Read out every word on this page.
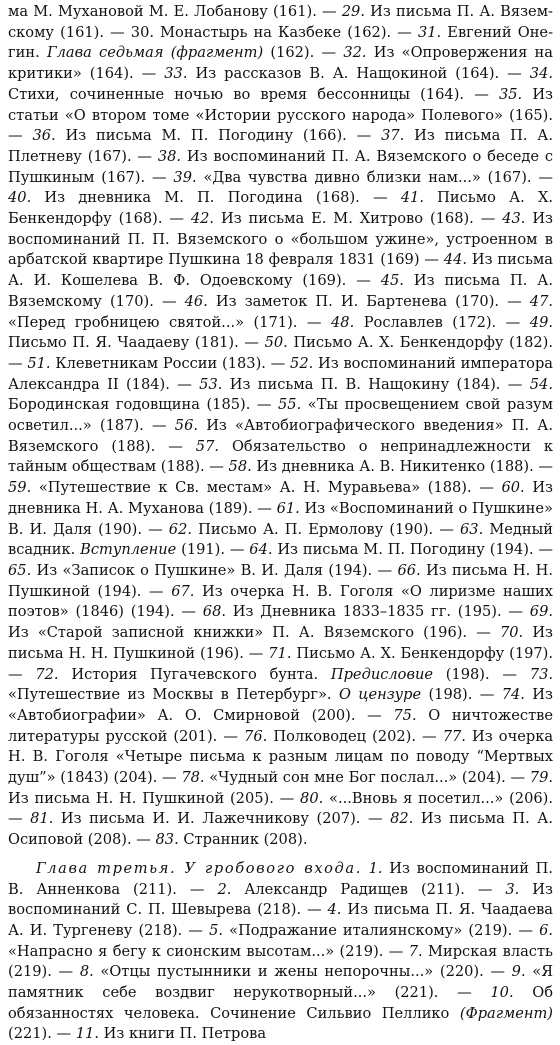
ма М. Мухановой М. Е. Лобанову (161). — 29. Из письма П. А. Вяземскому (161). — 30. Монастырь на Казбеке (162). — 31. Евгений Онегин. Глава седьмая (фрагмент) (162). — 32. Из «Опровержения на критики» (164). — 33. Из рассказов В. А. Нащокиной (164). — 34. Стихи, сочиненные ночью во время бессонницы (164). — 35. Из статьи «О втором томе «Истории русского народа» Полевого» (165). — 36. Из письма М. П. Погодину (166). — 37. Из письма П. А. Плетневу (167). — 38. Из воспоминаний П. А. Вяземского о беседе с Пушкиным (167). — 39. «Два чувства дивно близки нам...» (167). — 40. Из дневника М. П. Погодина (168). — 41. Письмо А. Х. Бенкендорфу (168). — 42. Из письма Е. М. Хитрово (168). — 43. Из воспоминаний П. П. Вяземского о «большом ужине», устроенном в арбатской квартире Пушкина 18 февраля 1831 (169) — 44. Из письма А. И. Кошелева В. Ф. Одоевскому (169). — 45. Из письма П. А. Вяземскому (170). — 46. Из заметок П. И. Бартенева (170). — 47. «Перед гробницею святой...» (171). — 48. Рославлев (172). — 49. Письмо П. Я. Чаадаеву (181). — 50. Письмо А. Х. Бенкендорфу (182). — 51. Клеветникам России (183). — 52. Из воспоминаний императора Александра II (184). — 53. Из письма П. В. Нащокину (184). — 54. Бородинская годовщина (185). — 55. «Ты просвещением свой разум осветил...» (187). — 56. Из «Автобиографического введения» П. А. Вяземского (188). — 57. Обязательство о непринадлежности к тайным обществам (188). — 58. Из дневника А. В. Никитенко (188). — 59. «Путешествие к Св. местам» А. Н. Муравьева» (188). — 60. Из дневника Н. А. Муханова (189). — 61. Из «Воспоминаний о Пушкине» В. И. Даля (190). — 62. Письмо А. П. Ермолову (190). — 63. Медный всадник. Вступление (191). — 64. Из письма М. П. Погодину (194). — 65. Из «Записок о Пушкине» В. И. Даля (194). — 66. Из письма Н. Н. Пушкиной (194). — 67. Из очерка Н. В. Гоголя «О лиризме наших поэтов» (1846) (194). — 68. Из Дневника 1833–1835 гг. (195). — 69. Из «Старой записной книжки» П. А. Вяземского (196). — 70. Из письма Н. Н. Пушкиной (196). — 71. Письмо А. Х. Бенкендорфу (197). — 72. История Пугачевского бунта. Предисловие (198). — 73. «Путешествие из Москвы в Петербург». О цензуре (198). — 74. Из «Автобиографии» А. О. Смирновой (200). — 75. О ничтожестве литературы русской (201). — 76. Полководец (202). — 77. Из очерка Н. В. Гоголя «Четыре письма к разным лицам по поводу “Мертвых душ”» (1843) (204). — 78. «Чудный сон мне Бог послал...» (204). — 79. Из письма Н. Н. Пушкиной (205). — 80. «...Вновь я посетил...» (206). — 81. Из письма И. И. Лажечникову (207). — 82. Из письма П. А. Осиповой (208). — 83. Странник (208).

Глава третья. У гробового входа. 1. Из воспоминаний П. В. Анненкова (211). — 2. Александр Радищев (211). — 3. Из воспоминаний С. П. Шевырева (218). — 4. Из письма П. Я. Чаадаева А. И. Тургеневу (218). — 5. «Подражание италиянскому» (219). — 6. «Напрасно я бегу к сионским высотам...» (219). — 7. Мирская власть (219). — 8. «Отцы пустынники и жены непорочны...» (220). — 9. «Я памятник себе воздвиг нерукотворный...» (221). — 10. Об обязанностях человека. Сочинение Сильвио Пеллико (Фрагмент) (221). — 11. Из книги П. Петрова
